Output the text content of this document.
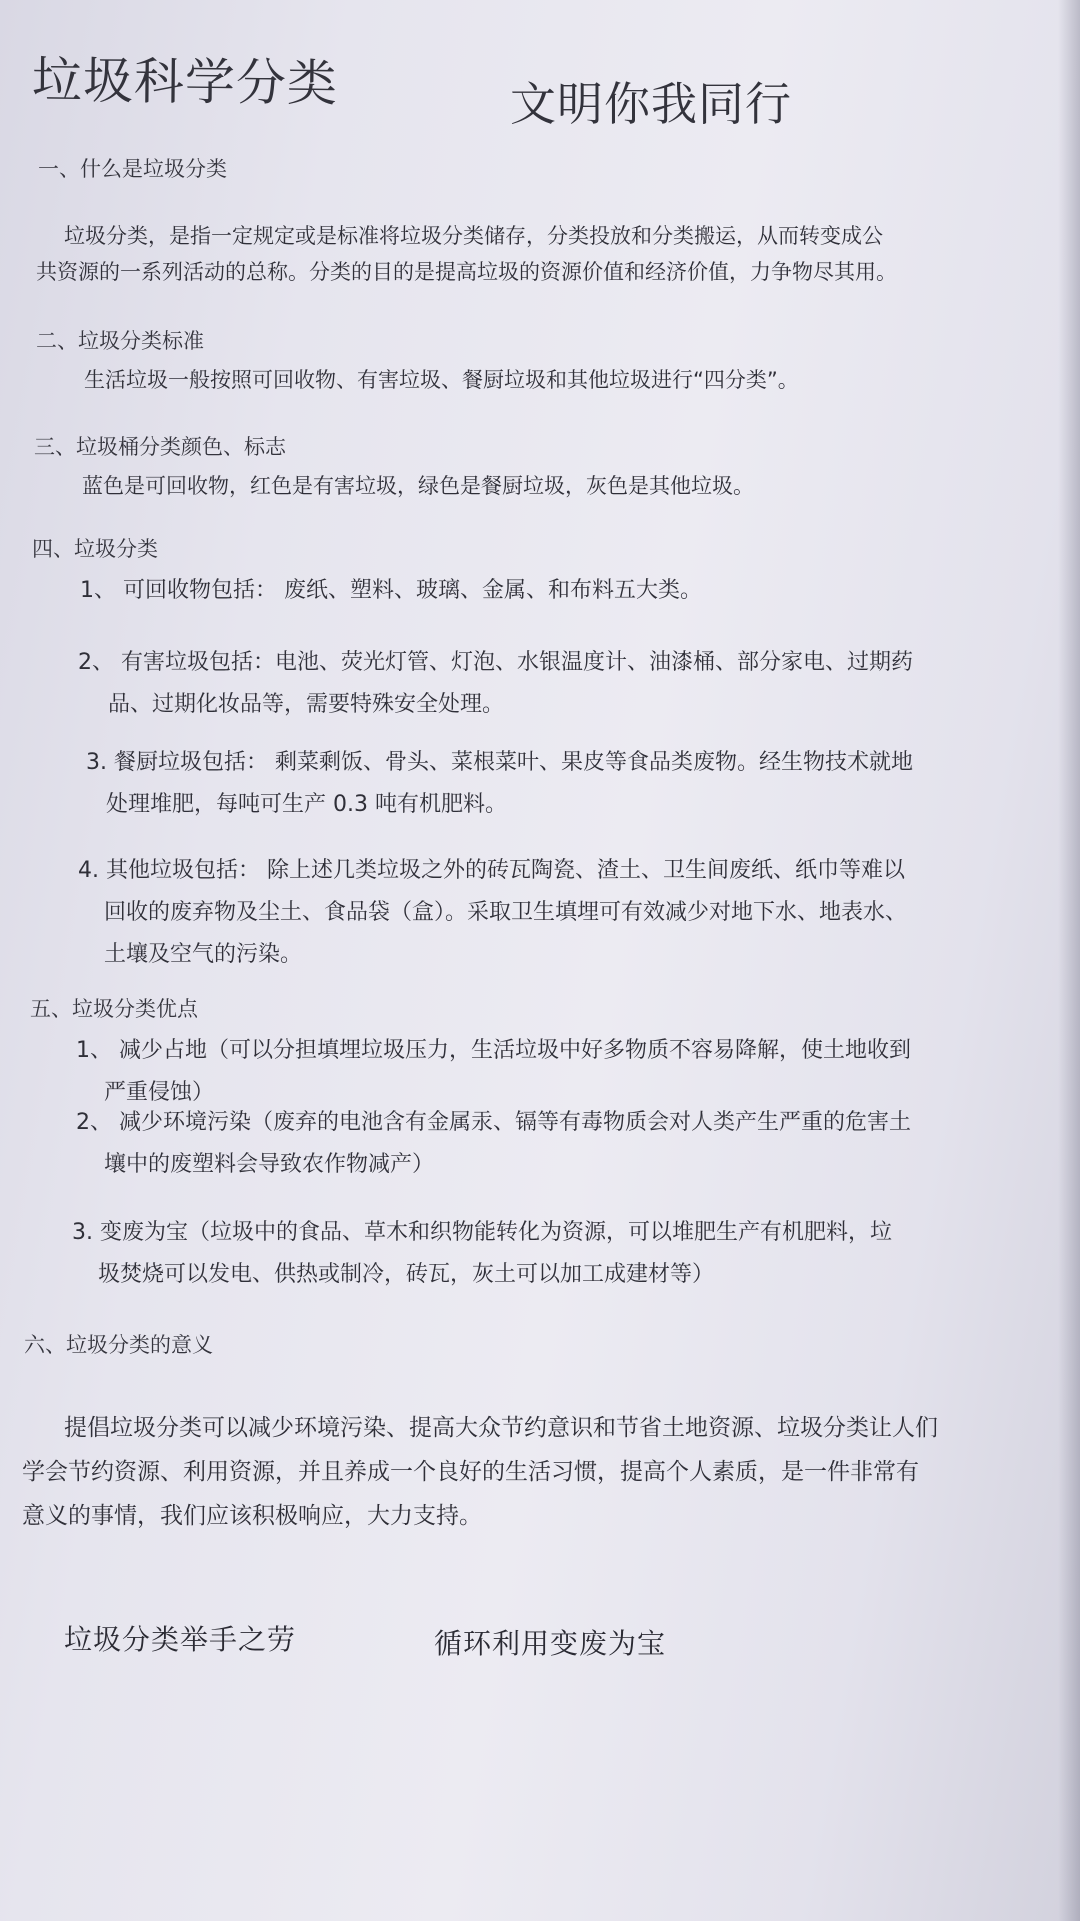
垃圾科学分类	文明你我同行
一、什么是垃圾分类
垃圾分类，是指一定规定或是标准将垃圾分类储存，分类投放和分类搬运，从而转变成公
共资源的一系列活动的总称。分类的目的是提高垃圾的资源价值和经济价值，力争物尽其用。
二、垃圾分类标准
生活垃圾一般按照可回收物、有害垃圾、餐厨垃圾和其他垃圾进行“四分类”。
三、垃圾桶分类颜色、标志
蓝色是可回收物，红色是有害垃圾，绿色是餐厨垃圾，灰色是其他垃圾。
四、垃圾分类
1、 可回收物包括： 废纸、塑料、玻璃、金属、和布料五大类。
2、 有害垃圾包括：电池、荧光灯管、灯泡、水银温度计、油漆桶、部分家电、过期药
品、过期化妆品等，需要特殊安全处理。
3. 餐厨垃圾包括： 剩菜剩饭、骨头、菜根菜叶、果皮等食品类废物。经生物技术就地
处理堆肥，每吨可生产 0.3 吨有机肥料。
4. 其他垃圾包括： 除上述几类垃圾之外的砖瓦陶瓷、渣土、卫生间废纸、纸巾等难以
回收的废弃物及尘土、食品袋（盒）。采取卫生填埋可有效减少对地下水、地表水、
土壤及空气的污染。
五、垃圾分类优点
1、 减少占地（可以分担填埋垃圾压力，生活垃圾中好多物质不容易降解，使土地收到
严重侵蚀）
2、 减少环境污染（废弃的电池含有金属汞、镉等有毒物质会对人类产生严重的危害土
壤中的废塑料会导致农作物减产）
3. 变废为宝（垃圾中的食品、草木和织物能转化为资源，可以堆肥生产有机肥料，垃
圾焚烧可以发电、供热或制冷，砖瓦，灰土可以加工成建材等）
六、垃圾分类的意义
提倡垃圾分类可以减少环境污染、提高大众节约意识和节省土地资源、垃圾分类让人们
学会节约资源、利用资源，并且养成一个良好的生活习惯，提高个人素质，是一件非常有
意义的事情，我们应该积极响应，大力支持。
垃圾分类举手之劳	循环利用变废为宝
